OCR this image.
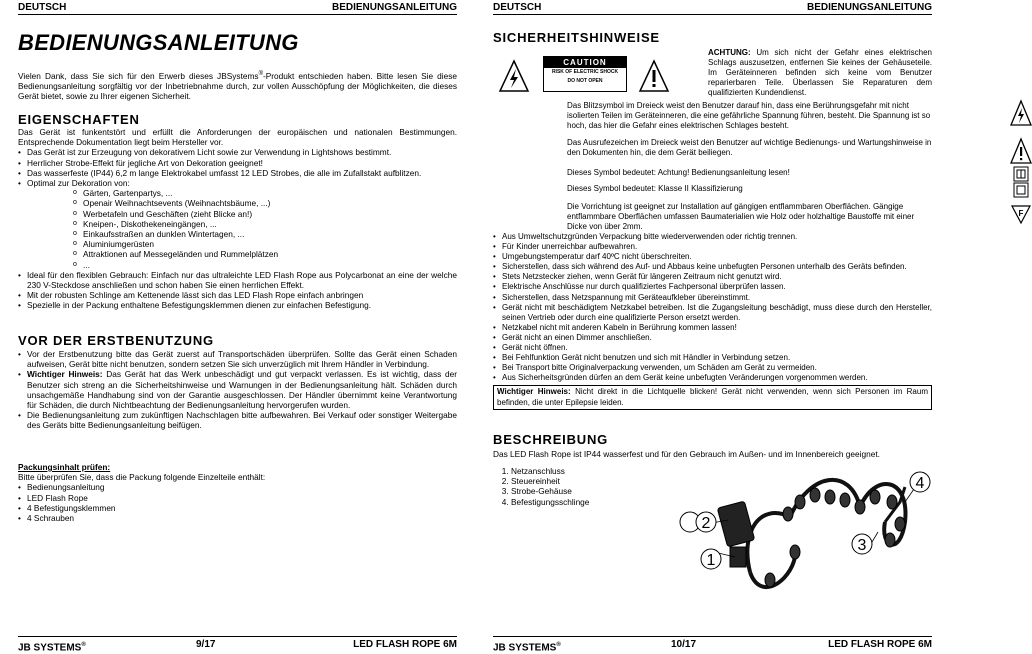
DEUTSCH	BEDIENUNGSANLEITUNG
BEDIENUNGSANLEITUNG

Vielen Dank, dass Sie sich für den Erwerb dieses JBSystems®-Produkt entschieden haben. Bitte lesen Sie diese Bedienungsanleitung sorgfältig vor der Inbetriebnahme durch, zur vollen Ausschöpfung der Möglichkeiten, die dieses Gerät bietet, sowie zu Ihrer eigenen Sicherheit.

EIGENSCHAFTEN

Das Gerät ist funkentstört und erfüllt die Anforderungen der europäischen und nationalen Bestimmungen. Entsprechende Dokumentation liegt beim Hersteller vor.

• Das Gerät ist zur Erzeugung von dekorativem Licht sowie zur Verwendung in Lightshows bestimmt.
• Herrlicher Strobe-Effekt für jegliche Art von Dekoration geeignet!
• Das wasserfeste (IP44) 6,2 m lange Elektrokabel umfasst 12 LED Strobes, die alle im Zufallstakt aufblitzen.
• Optimal zur Dekoration von:
o Gärten, Gartenpartys, ...
o Openair Weihnachtsevents (Weihnachtsbäume, ...)
o Werbetafeln und Geschäften (zieht Blicke an!)
o Kneipen-, Diskothekeneingängen, ...
o Einkaufsstraßen an dunklen Wintertagen, ...
o Aluminiumgerüsten
o Attraktionen auf Messegeländen und Rummelplätzen
o ...
• Ideal für den flexiblen Gebrauch: Einfach nur das ultraleichte LED Flash Rope aus Polycarbonat an eine der welche 230 V-Steckdose anschließen und schon haben Sie einen herrlichen Effekt.
• Mit der robusten Schlinge am Kettenende lässt sich das LED Flash Rope einfach anbringen
• Spezielle in der Packung enthaltene Befestigungsklemmen dienen zur einfachen Befestigung.
VOR DER ERSTBENUTZUNG
• Vor der Erstbenutzung bitte das Gerät zuerst auf Transportschäden überprüfen. Sollte das Gerät einen Schaden aufweisen, Gerät bitte nicht benutzen, sondern setzen Sie sich unverzüglich mit Ihrem Händler in Verbindung.
• Wichtiger Hinweis: Das Gerät hat das Werk unbeschädigt und gut verpackt verlassen. Es ist wichtig, dass der Benutzer sich streng an die Sicherheitshinweise und Warnungen in der Bedienungsanleitung hält. Schäden durch unsachgemäße Handhabung sind von der Garantie ausgeschlossen. Der Händler übernimmt keine Verantwortung für Schäden, die durch Nichtbeachtung der Bedienungsanleitung hervorgerufen wurden.
• Die Bedienungsanleitung zum zukünftigen Nachschlagen bitte aufbewahren. Bei Verkauf oder sonstiger Weitergabe des Geräts bitte Bedienungsanleitung beifügen.
Packungsinhalt prüfen:

Bitte überprüfen Sie, dass die Packung folgende Einzelteile enthält:

• Bedienungsanleitung
• LED Flash Rope
• 4 Befestigungsklemmen
• 4 Schrauben
JB SYSTEMS®	9/17	LED FLASH ROPE 6M
DEUTSCH	BEDIENUNGSANLEITUNG
SICHERHEITSHINWEISE
CAUTION
RISK OF ELECTRIC SHOCK
DO NOT OPEN

ACHTUNG: Um sich nicht der Gefahr eines elektrischen Schlags auszusetzen, entfernen Sie keines der Gehäuseteile. Im Geräteinneren befinden sich keine vom Benutzer reparierbaren Teile. Überlassen Sie Reparaturen dem qualifizierten Kundendienst.

Das Blitzsymbol im Dreieck weist den Benutzer darauf hin, dass eine Berührungsgefahr mit nicht isolierten Teilen im Geräteinneren, die eine gefährliche Spannung führen, besteht. Die Spannung ist so hoch, das hier die Gefahr eines elektrischen Schlages besteht.
Das Ausrufezeichen im Dreieck weist den Benutzer auf wichtige Bedienungs- und Wartungshinweise in den Dokumenten hin, die dem Gerät beiliegen.
Dieses Symbol bedeutet: Achtung! Bedienungsanleitung lesen!
Dieses Symbol bedeutet: Klasse II Klassifizierung
F
Die Vorrichtung ist geeignet zur Installation auf gängigen entflammbaren Oberflächen. Gängige entflammbare Oberflächen umfassen Baumaterialien wie Holz oder holzhaltige Baustoffe mit einer Dicke von über 2mm.
• Aus Umweltschutzgründen Verpackung bitte wiederverwenden oder richtig trennen.
• Für Kinder unerreichbar aufbewahren.
• Umgebungstemperatur darf 40ºC nicht überschreiten.
• Sicherstellen, dass sich während des Auf- und Abbaus keine unbefugten Personen unterhalb des Geräts befinden.
• Stets Netzstecker ziehen, wenn Gerät für längeren Zeitraum nicht genutzt wird.
• Elektrische Anschlüsse nur durch qualifiziertes Fachpersonal überprüfen lassen.
• Sicherstellen, dass Netzspannung mit Geräteaufkleber übereinstimmt.
• Gerät nicht mit beschädigtem Netzkabel betreiben. Ist die Zugangsleitung beschädigt, muss diese durch den Hersteller, seinen Vertrieb oder durch eine qualifizierte Person ersetzt werden.
• Netzkabel nicht mit anderen Kabeln in Berührung kommen lassen!
• Gerät nicht an einen Dimmer anschließen.
• Gerät nicht öffnen.
• Bei Fehlfunktion Gerät nicht benutzen und sich mit Händler in Verbindung setzen.
• Bei Transport bitte Originalverpackung verwenden, um Schäden am Gerät zu vermeiden.
• Aus Sicherheitsgründen dürfen an dem Gerät keine unbefugten Veränderungen vorgenommen werden.

Wichtiger Hinweis: Nicht direkt in die Lichtquelle blicken! Gerät nicht verwenden, wenn sich Personen im Raum befinden, die unter Epilepsie leiden.

BESCHREIBUNG

Das LED Flash Rope ist IP44 wasserfest und für den Gebrauch im Außen- und im Innenbereich geeignet.

1. Netzanschluss
2. Steuereinheit
3. Strobe-Gehäuse
4. Befestigungsschlinge
1
2
3
4
JB SYSTEMS®	10/17	LED FLASH ROPE 6M
